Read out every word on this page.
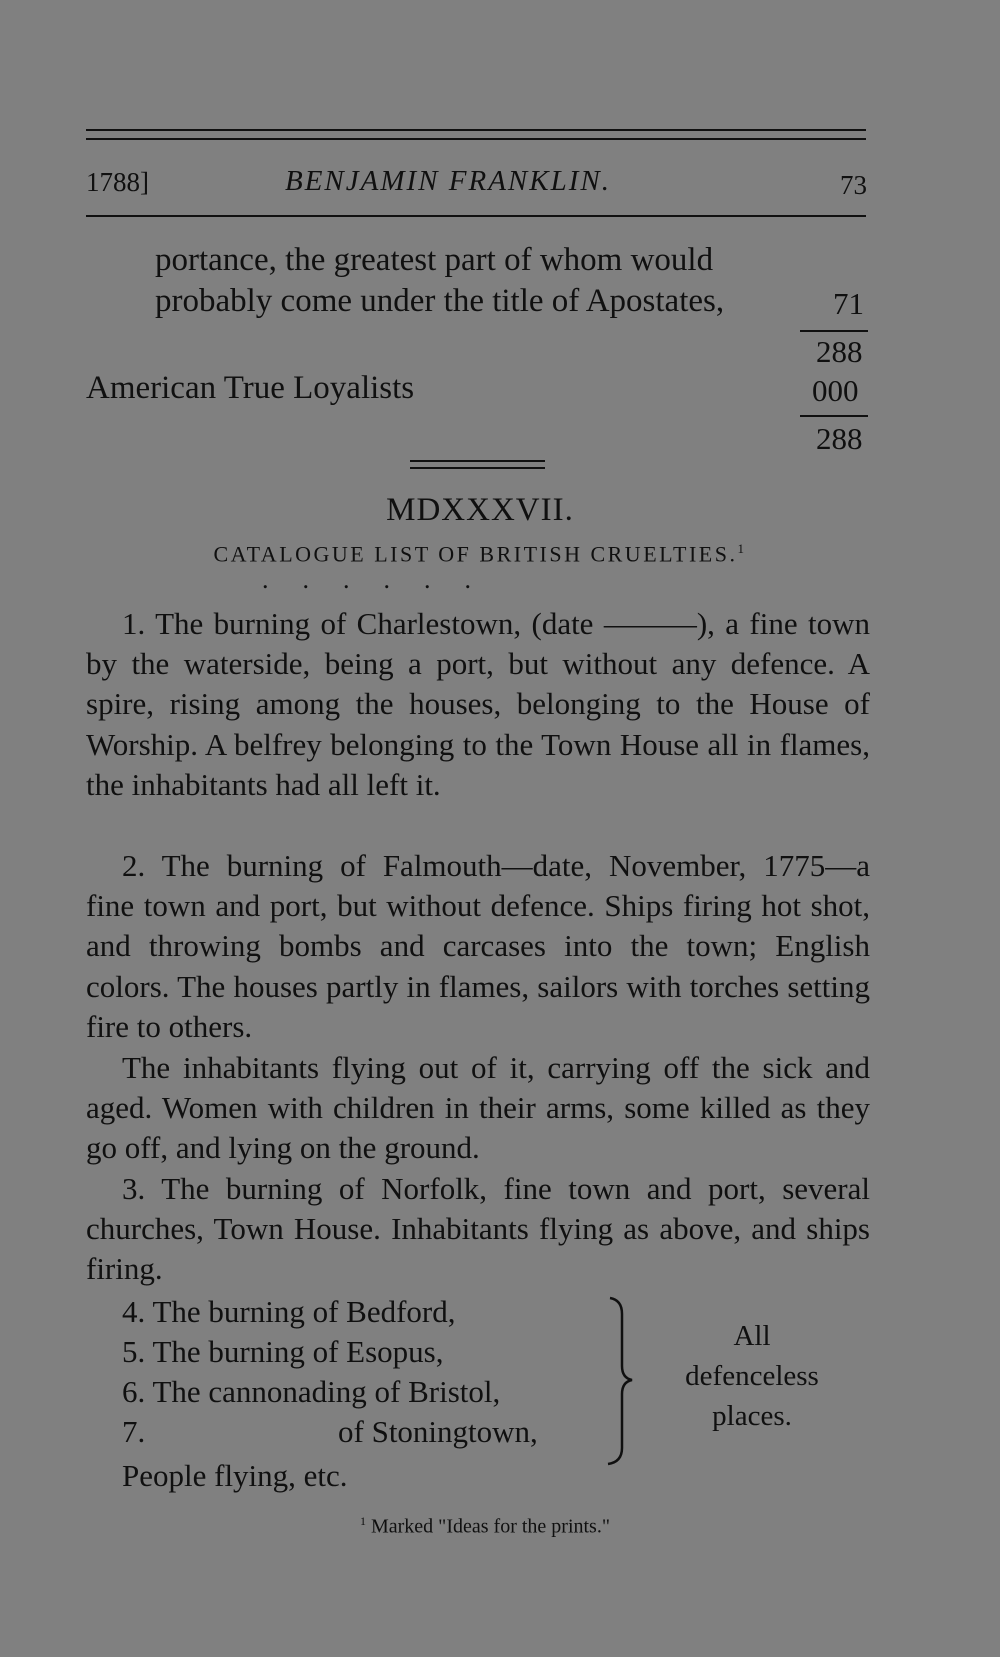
1788]	BENJAMIN FRANKLIN.	73
portance, the greatest part of whom would
probably come under the title of Apostates,	71
288
American True Loyalists	000
288
MDXXXVII.
CATALOGUE LIST OF BRITISH CRUELTIES.$^1$
......

1. The burning of Charlestown, (date ———), a fine town by the waterside, being a port, but without any defence. A spire, rising among the houses, belonging to the House of Worship. A belfrey belonging to the Town House all in flames, the inhabitants had all left it.

2. The burning of Falmouth—date, November, 1775—a fine town and port, but without defence. Ships firing hot shot, and throwing bombs and carcases into the town; English colors. The houses partly in flames, sailors with torches setting fire to others.

The inhabitants flying out of it, carrying off the sick and aged. Women with children in their arms, some killed as they go off, and lying on the ground.

3. The burning of Norfolk, fine town and port, several churches, Town House. Inhabitants flying as above, and ships firing.

4. The burning of Bedford,
5. The burning of Esopus,
6. The cannonading of Bristol,
7.	of Stoningtown,
All
defenceless
places.
People flying, etc.
$^1$ Marked "Ideas for the prints."
